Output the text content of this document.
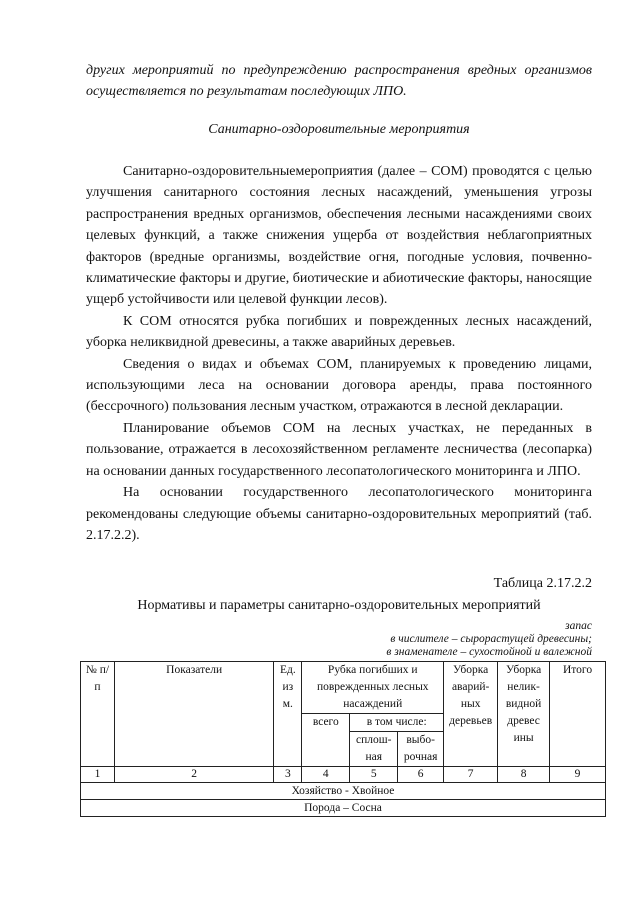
других мероприятий по предупреждению распространения вредных организмов осуществляется по результатам последующих ЛПО.
Санитарно-оздоровительные мероприятия

Санитарно-оздоровительныемероприятия (далее – СОМ) проводятся с целью улучшения санитарного состояния лесных насаждений, уменьшения угрозы распространения вредных организмов, обеспечения лесными насаждениями своих целевых функций, а также снижения ущерба от воздействия неблагоприятных факторов (вредные организмы, воздействие огня, погодные условия, почвенно-климатические факторы и другие, биотические и абиотические факторы, наносящие ущерб устойчивости или целевой функции лесов).

К СОМ относятся рубка погибших и поврежденных лесных насаждений, уборка неликвидной древесины, а также аварийных деревьев.

Сведения о видах и объемах СОМ, планируемых к проведению лицами, использующими леса на основании договора аренды, права постоянного (бессрочного) пользования лесным участком, отражаются в лесной декларации.

Планирование объемов СОМ на лесных участках, не переданных в пользование, отражается в лесохозяйственном регламенте лесничества (лесопарка) на основании данных государственного лесопатологического мониторинга и ЛПО.

На основании государственного лесопатологического мониторинга рекомендованы следующие объемы санитарно-оздоровительных мероприятий (таб. 2.17.2.2).

Таблица 2.17.2.2
Нормативы и параметры санитарно-оздоровительных мероприятий
запас
в числителе – сырорастущей древесины;
в знаменателе – сухостойной и валежной
№ п/п	Показатели	Ед. из м.	Рубка погибших и поврежденных лесных насаждений			Уборка аварий-ных деревьев	Уборка нелик-видной древес ины	Итого
			всего	в том числе:				
				сплош-ная	выбо-рочная			
1	2	3	4	5	6	7	8	9
Хозяйство - Хвойное								
Порода – Сосна								
